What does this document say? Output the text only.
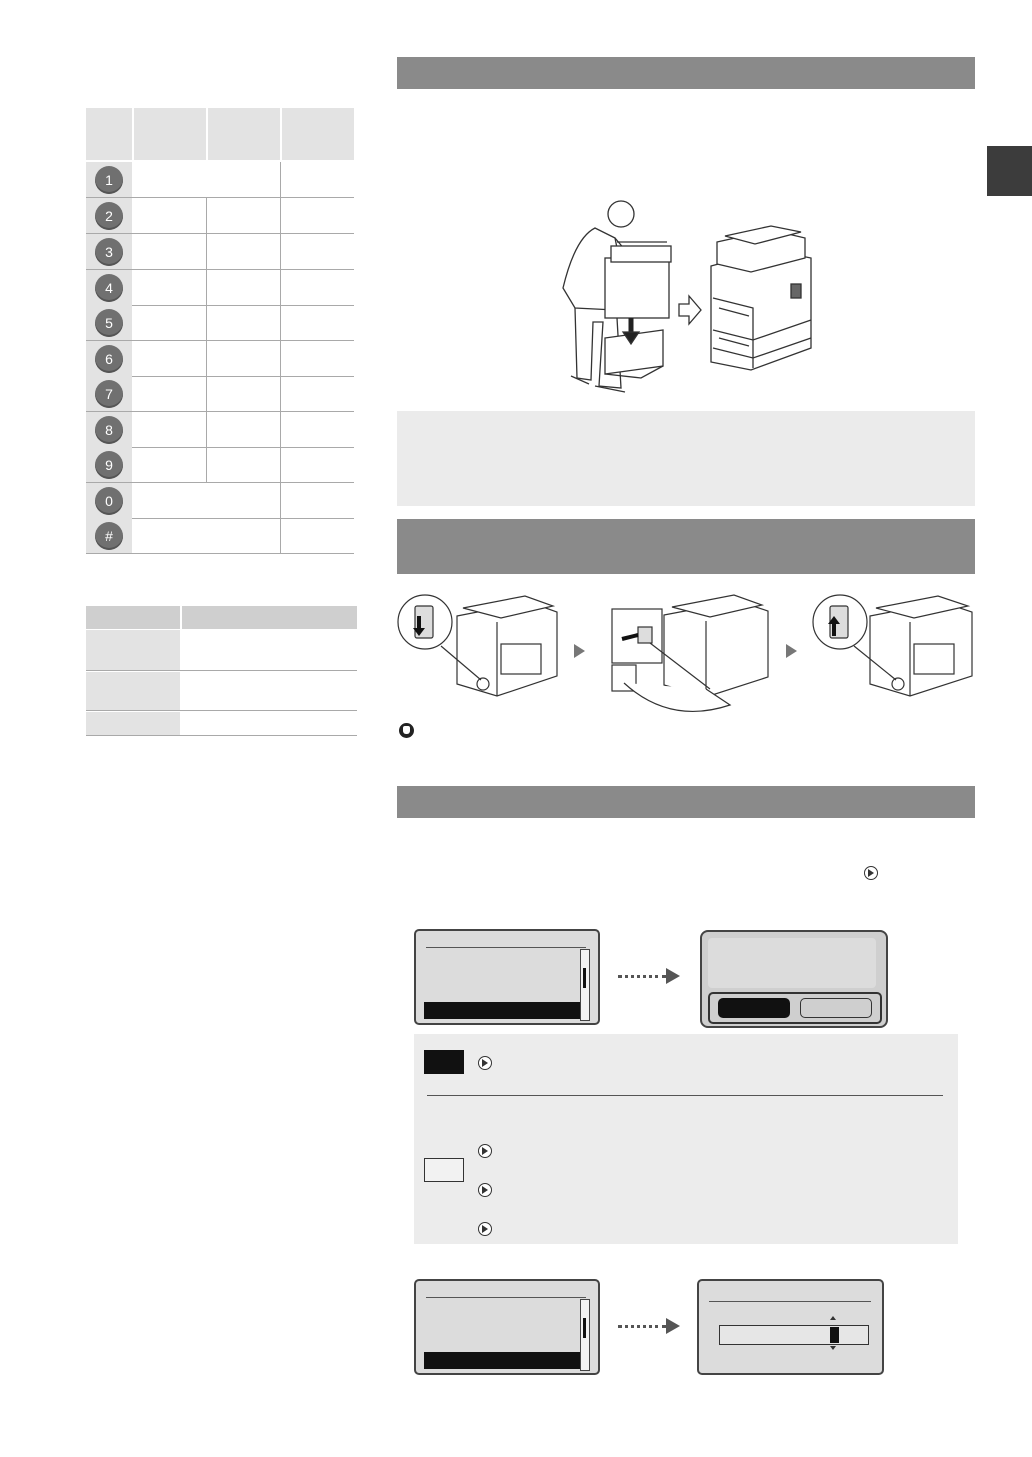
1
2
3
4
5
6
7
8
9
0
#
